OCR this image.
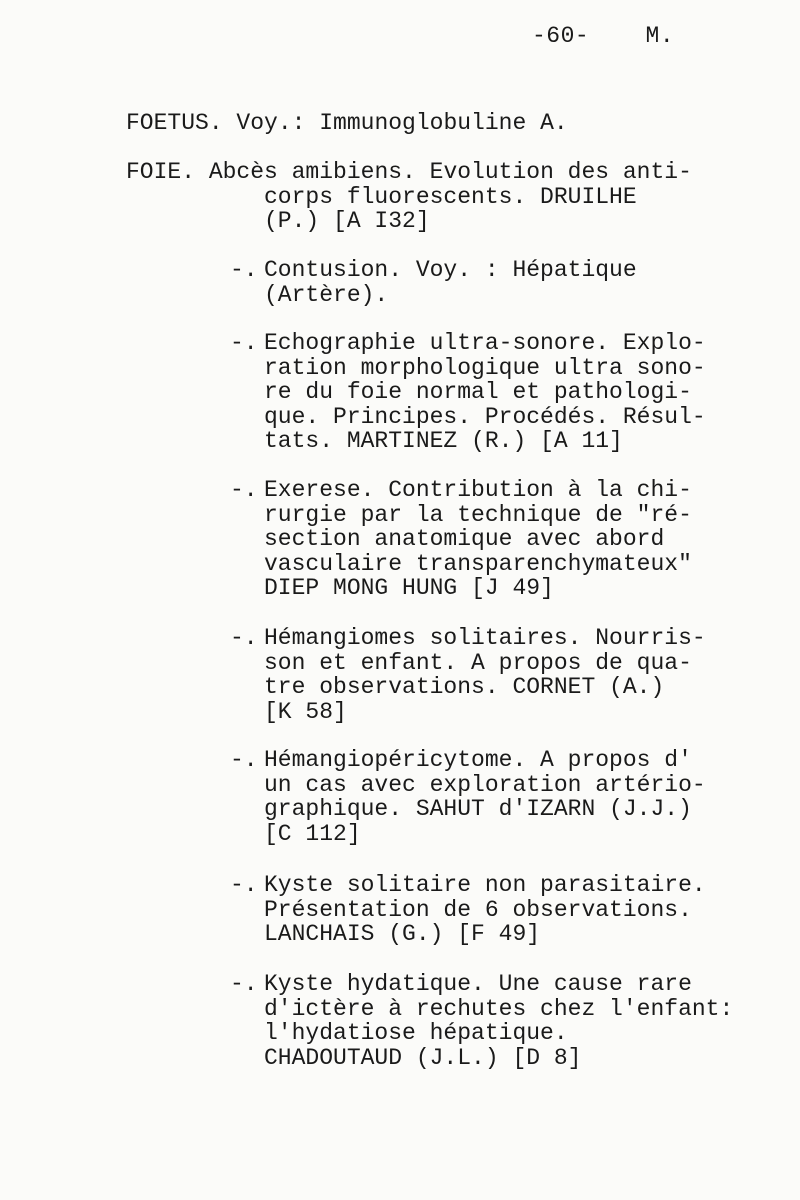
-60- M.
FOETUS. Voy.: Immunoglobuline A.
FOIE. Abcès amibiens. Evolution des anti-
corps fluorescents. DRUILHE
(P.) [A I32]
-. Contusion. Voy. : Hépatique
(Artère).
-. Echographie ultra-sonore. Explo-
ration morphologique ultra sono-
re du foie normal et pathologi-
que. Principes. Procédés. Résul-
tats. MARTINEZ (R.) [A 11]
-. Exerese. Contribution à la chi-
rurgie par la technique de "ré-
section anatomique avec abord
vasculaire transparenchymateux"
DIEP MONG HUNG [J 49]
-. Hémangiomes solitaires. Nourris-
son et enfant. A propos de qua-
tre observations. CORNET (A.)
[K 58]
-. Hémangiopéricytome. A propos d'
un cas avec exploration artério-
graphique. SAHUT d'IZARN (J.J.)
[C 112]
-. Kyste solitaire non parasitaire.
Présentation de 6 observations.
LANCHAIS (G.) [F 49]
-. Kyste hydatique. Une cause rare
d'ictère à rechutes chez l'enfant:
l'hydatiose hépatique.
CHADOUTAUD (J.L.) [D 8]
